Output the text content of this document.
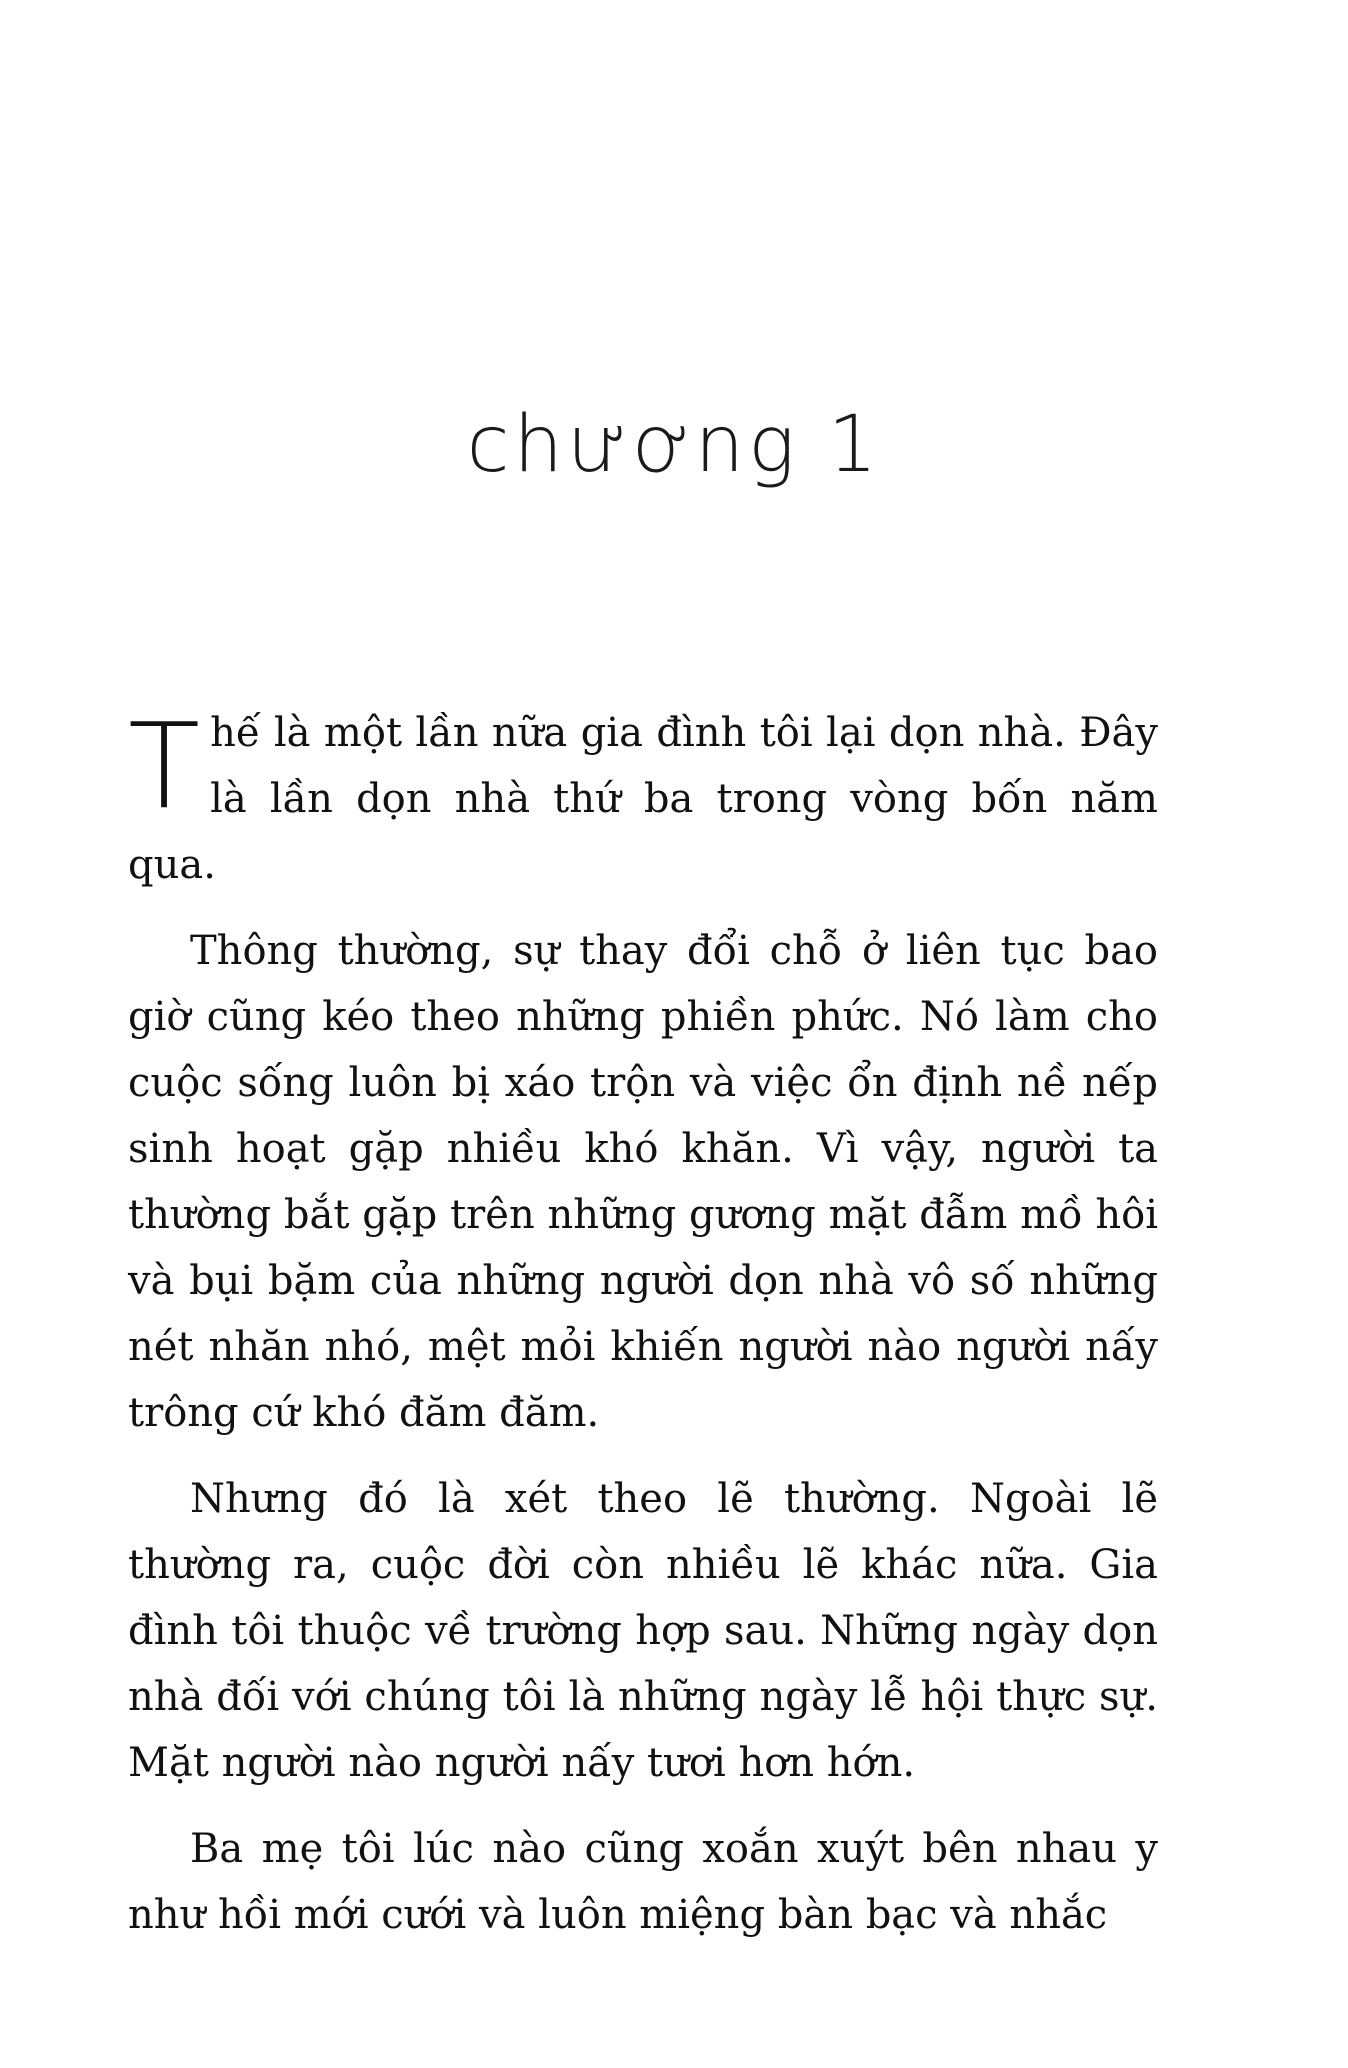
chương 1

Thế là một lần nữa gia đình tôi lại dọn nhà. Đây là lần dọn nhà thứ ba trong vòng bốn năm qua.

Thông thường, sự thay đổi chỗ ở liên tục bao giờ cũng kéo theo những phiền phức. Nó làm cho cuộc sống luôn bị xáo trộn và việc ổn định nề nếp sinh hoạt gặp nhiều khó khăn. Vì vậy, người ta thường bắt gặp trên những gương mặt đẫm mồ hôi và bụi bặm của những người dọn nhà vô số những nét nhăn nhó, mệt mỏi khiến người nào người nấy trông cứ khó đăm đăm.

Nhưng đó là xét theo lẽ thường. Ngoài lẽ thường ra, cuộc đời còn nhiều lẽ khác nữa. Gia đình tôi thuộc về trường hợp sau. Những ngày dọn nhà đối với chúng tôi là những ngày lễ hội thực sự. Mặt người nào người nấy tươi hơn hớn.

Ba mẹ tôi lúc nào cũng xoắn xuýt bên nhau y như hồi mới cưới và luôn miệng bàn bạc và nhắc
